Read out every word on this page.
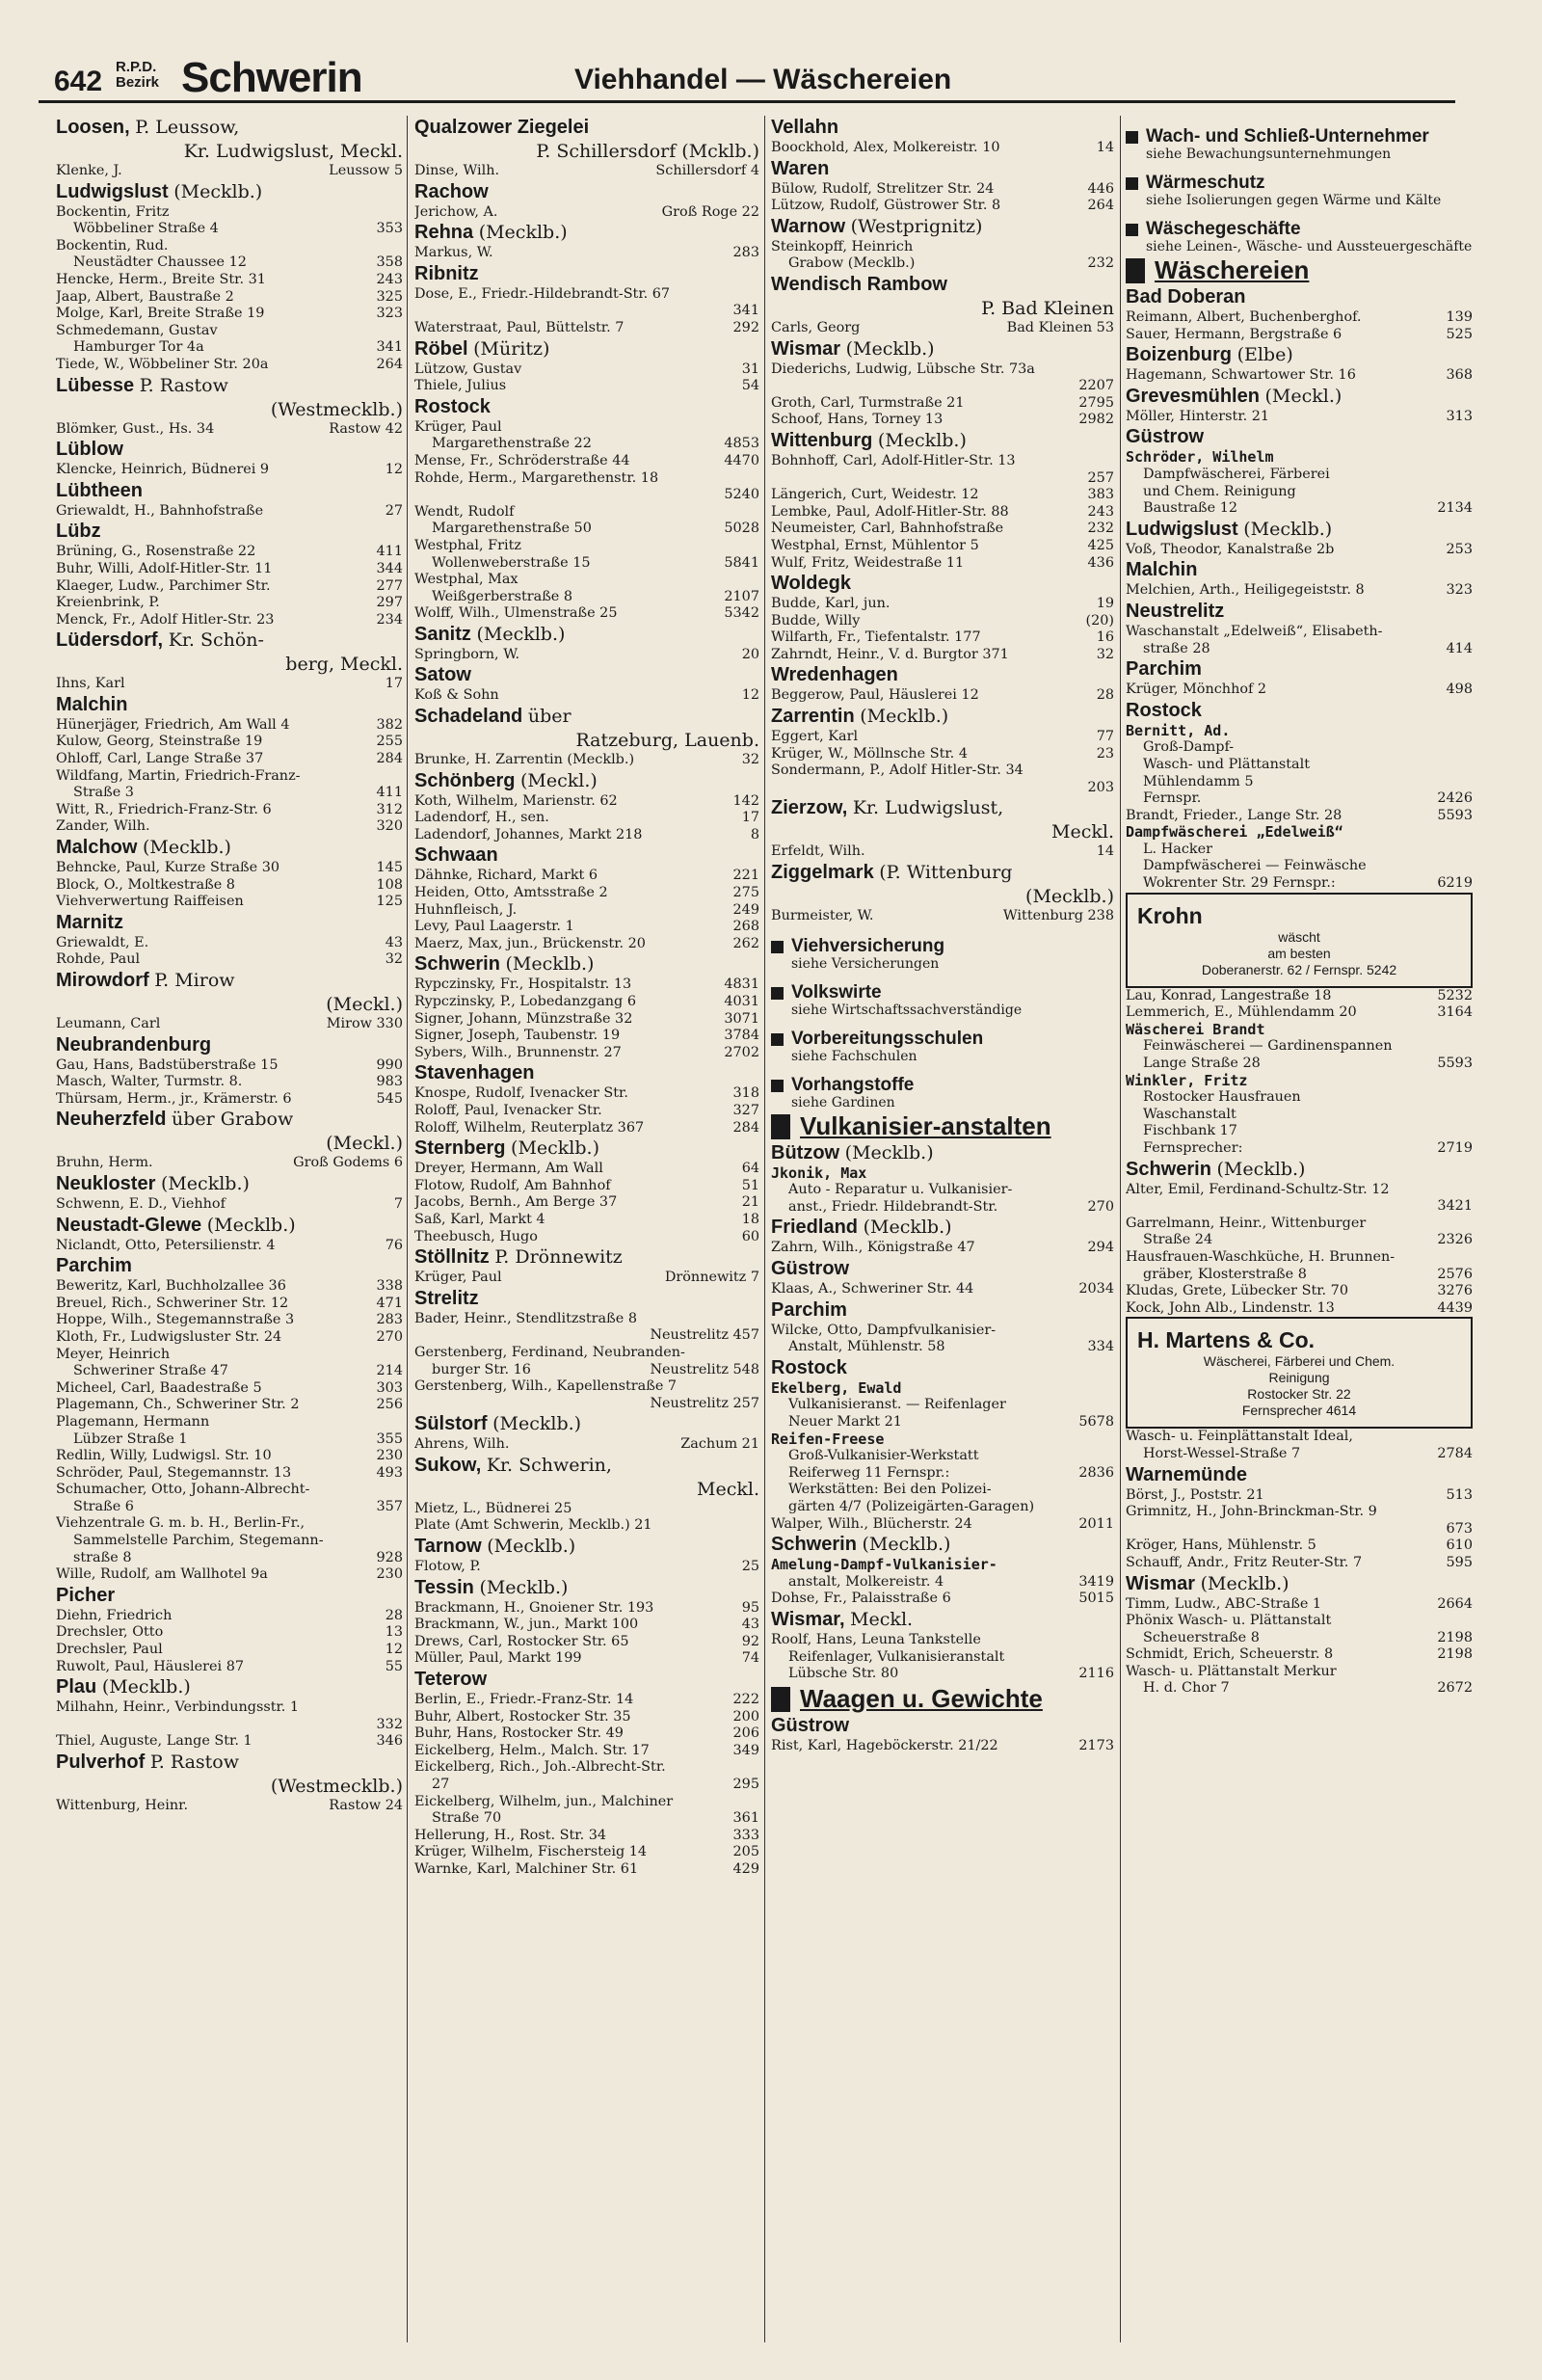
642 R.P.D.
Bezirk Schwerin	Viehhandel — Wäschereien
Loosen, P. Leussow,
Kr. Ludwigslust, Meckl.
Klenke, J.	Leussow 5
Ludwigslust (Mecklb.)
Bockentin, Fritz
Wöbbeliner Straße 4	353
Bockentin, Rud.
Neustädter Chaussee 12	358
Hencke, Herm., Breite Str. 31	243
Jaap, Albert, Baustraße 2	325
Molge, Karl, Breite Straße 19	323
Schmedemann, Gustav
Hamburger Tor 4a	341
Tiede, W., Wöbbeliner Str. 20a	264
Lübesse P. Rastow
(Westmecklb.)
Blömker, Gust., Hs. 34	Rastow 42
Lüblow
Klencke, Heinrich, Büdnerei 9	12
Lübtheen
Griewaldt, H., Bahnhofstraße	27
Lübz
Brüning, G., Rosenstraße 22	411
Buhr, Willi, Adolf-Hitler-Str. 11	344
Klaeger, Ludw., Parchimer Str.	277
Kreienbrink, P.	297
Menck, Fr., Adolf Hitler-Str. 23	234
Lüdersdorf, Kr. Schön-
berg, Meckl.
Ihns, Karl	17
Malchin
Hünerjäger, Friedrich, Am Wall 4	382
Kulow, Georg, Steinstraße 19	255
Ohloff, Carl, Lange Straße 37	284
Wildfang, Martin, Friedrich-Franz-
Straße 3	411
Witt, R., Friedrich-Franz-Str. 6	312
Zander, Wilh.	320
Malchow (Mecklb.)
Behncke, Paul, Kurze Straße 30	145
Block, O., Moltkestraße 8	108
Viehverwertung Raiffeisen	125
Marnitz
Griewaldt, E.	43
Rohde, Paul	32
Mirowdorf P. Mirow
(Meckl.)
Leumann, Carl	Mirow 330
Neubrandenburg
Gau, Hans, Badstüberstraße 15	990
Masch, Walter, Turmstr. 8.	983
Thürsam, Herm., jr., Krämerstr. 6	545
Neuherzfeld über Grabow
(Meckl.)
Bruhn, Herm.	Groß Godems 6
Neukloster (Mecklb.)
Schwenn, E. D., Viehhof	7
Neustadt-Glewe (Mecklb.)
Niclandt, Otto, Petersilienstr. 4	76
Parchim
Beweritz, Karl, Buchholzallee 36	338
Breuel, Rich., Schweriner Str. 12	471
Hoppe, Wilh., Stegemannstraße 3	283
Kloth, Fr., Ludwigsluster Str. 24	270
Meyer, Heinrich
Schweriner Straße 47	214
Micheel, Carl, Baadestraße 5	303
Plagemann, Ch., Schweriner Str. 2	256
Plagemann, Hermann
Lübzer Straße 1	355
Redlin, Willy, Ludwigsl. Str. 10	230
Schröder, Paul, Stegemannstr. 13	493
Schumacher, Otto, Johann-Albrecht-
Straße 6	357
Viehzentrale G. m. b. H., Berlin-Fr.,
Sammelstelle Parchim, Stegemann-
straße 8	928
Wille, Rudolf, am Wallhotel 9a	230
Picher
Diehn, Friedrich	28
Drechsler, Otto	13
Drechsler, Paul	12
Ruwolt, Paul, Häuslerei 87	55
Plau (Mecklb.)
Milhahn, Heinr., Verbindungsstr. 1
332
Thiel, Auguste, Lange Str. 1	346
Pulverhof P. Rastow
(Westmecklb.)
Wittenburg, Heinr.	Rastow 24
Qualzower Ziegelei
P. Schillersdorf (Mcklb.)
Dinse, Wilh.	Schillersdorf 4
Rachow
Jerichow, A.	Groß Roge 22
Rehna (Mecklb.)
Markus, W.	283
Ribnitz
Dose, E., Friedr.-Hildebrandt-Str. 67
341
Waterstraat, Paul, Büttelstr. 7	292
Röbel (Müritz)
Lützow, Gustav	31
Thiele, Julius	54
Rostock
Krüger, Paul
Margarethenstraße 22	4853
Mense, Fr., Schröderstraße 44	4470
Rohde, Herm., Margarethenstr. 18
5240
Wendt, Rudolf
Margarethenstraße 50	5028
Westphal, Fritz
Wollenweberstraße 15	5841
Westphal, Max
Weißgerberstraße 8	2107
Wolff, Wilh., Ulmenstraße 25	5342
Sanitz (Mecklb.)
Springborn, W.	20
Satow
Koß & Sohn	12
Schadeland über
Ratzeburg, Lauenb.
Brunke, H. Zarrentin (Mecklb.)	32
Schönberg (Meckl.)
Koth, Wilhelm, Marienstr. 62	142
Ladendorf, H., sen.	17
Ladendorf, Johannes, Markt 218	8
Schwaan
Dähnke, Richard, Markt 6	221
Heiden, Otto, Amtsstraße 2	275
Huhnfleisch, J.	249
Levy, Paul Laagerstr. 1	268
Maerz, Max, jun., Brückenstr. 20	262
Schwerin (Mecklb.)
Rypczinsky, Fr., Hospitalstr. 13	4831
Rypczinsky, P., Lobedanzgang 6	4031
Signer, Johann, Münzstraße 32	3071
Signer, Joseph, Taubenstr. 19	3784
Sybers, Wilh., Brunnenstr. 27	2702
Stavenhagen
Knospe, Rudolf, Ivenacker Str.	318
Roloff, Paul, Ivenacker Str.	327
Roloff, Wilhelm, Reuterplatz 367	284
Sternberg (Mecklb.)
Dreyer, Hermann, Am Wall	64
Flotow, Rudolf, Am Bahnhof	51
Jacobs, Bernh., Am Berge 37	21
Saß, Karl, Markt 4	18
Theebusch, Hugo	60
Stöllnitz P. Drönnewitz
Krüger, Paul	Drönnewitz 7
Strelitz
Bader, Heinr., Stendlitzstraße 8
Neustrelitz 457
Gerstenberg, Ferdinand, Neubranden-
burger Str. 16	Neustrelitz 548
Gerstenberg, Wilh., Kapellenstraße 7
Neustrelitz 257
Sülstorf (Mecklb.)
Ahrens, Wilh.	Zachum 21
Sukow, Kr. Schwerin,
Meckl.
Mietz, L., Büdnerei 25
Plate (Amt Schwerin, Mecklb.) 21
Tarnow (Mecklb.)
Flotow, P.	25
Tessin (Mecklb.)
Brackmann, H., Gnoiener Str. 193	95
Brackmann, W., jun., Markt 100	43
Drews, Carl, Rostocker Str. 65	92
Müller, Paul, Markt 199	74
Teterow
Berlin, E., Friedr.-Franz-Str. 14	222
Buhr, Albert, Rostocker Str. 35	200
Buhr, Hans, Rostocker Str. 49	206
Eickelberg, Helm., Malch. Str. 17	349
Eickelberg, Rich., Joh.-Albrecht-Str.
27	295
Eickelberg, Wilhelm, jun., Malchiner
Straße 70	361
Hellerung, H., Rost. Str. 34	333
Krüger, Wilhelm, Fischersteig 14	205
Warnke, Karl, Malchiner Str. 61	429
Vellahn
Boockhold, Alex, Molkereistr. 10	14
Waren
Bülow, Rudolf, Strelitzer Str. 24	446
Lützow, Rudolf, Güstrower Str. 8	264
Warnow (Westprignitz)
Steinkopff, Heinrich
Grabow (Mecklb.)	232
Wendisch Rambow
P. Bad Kleinen
Carls, Georg	Bad Kleinen 53
Wismar (Mecklb.)
Diederichs, Ludwig, Lübsche Str. 73a
2207
Groth, Carl, Turmstraße 21	2795
Schoof, Hans, Torney 13	2982
Wittenburg (Mecklb.)
Bohnhoff, Carl, Adolf-Hitler-Str. 13
257
Längerich, Curt, Weidestr. 12	383
Lembke, Paul, Adolf-Hitler-Str. 88	243
Neumeister, Carl, Bahnhofstraße	232
Westphal, Ernst, Mühlentor 5	425
Wulf, Fritz, Weidestraße 11	436
Woldegk
Budde, Karl, jun.	19
Budde, Willy	(20)
Wilfarth, Fr., Tiefentalstr. 177	16
Zahrndt, Heinr., V. d. Burgtor 371	32
Wredenhagen
Beggerow, Paul, Häuslerei 12	28
Zarrentin (Mecklb.)
Eggert, Karl	77
Krüger, W., Möllnsche Str. 4	23
Sondermann, P., Adolf Hitler-Str. 34
203
Zierzow, Kr. Ludwigslust,
Meckl.
Erfeldt, Wilh.	14
Ziggelmark (P. Wittenburg
(Mecklb.)
Burmeister, W.	Wittenburg 238
Viehversicherung
siehe Versicherungen
Volkswirte
siehe Wirtschaftssachverständige
Vorbereitungsschulen
siehe Fachschulen
Vorhangstoffe
siehe Gardinen
Vulkanisier-anstalten
Bützow (Mecklb.)
Jkonik, Max
Auto - Reparatur u. Vulkanisier-
anst., Friedr. Hildebrandt-Str.	270
Friedland (Mecklb.)
Zahrn, Wilh., Königstraße 47	294
Güstrow
Klaas, A., Schweriner Str. 44	2034
Parchim
Wilcke, Otto, Dampfvulkanisier-
Anstalt, Mühlenstr. 58	334
Rostock
Ekelberg, Ewald
Vulkanisieranst. — Reifenlager
Neuer Markt 21	5678
Reifen-Freese
Groß-Vulkanisier-Werkstatt
Reiferweg 11 Fernspr.:	2836
Werkstätten: Bei den Polizei-
gärten 4/7 (Polizeigärten-Garagen)
Walper, Wilh., Blücherstr. 24	2011
Schwerin (Mecklb.)
Amelung-Dampf-Vulkanisier-
anstalt, Molkereistr. 4	3419
Dohse, Fr., Palaisstraße 6	5015
Wismar, Meckl.
Roolf, Hans, Leuna Tankstelle
Reifenlager, Vulkanisieranstalt
Lübsche Str. 80	2116
Waagen u. Gewichte
Güstrow
Rist, Karl, Hageböckerstr. 21/22	2173
Wach- und Schließ-Unternehmer
siehe Bewachungsunternehmungen
Wärmeschutz
siehe Isolierungen gegen Wärme und Kälte
Wäschegeschäfte
siehe Leinen-, Wäsche- und Aussteuergeschäfte
Wäschereien
Bad Doberan
Reimann, Albert, Buchenberghof.	139
Sauer, Hermann, Bergstraße 6	525
Boizenburg (Elbe)
Hagemann, Schwartower Str. 16	368
Grevesmühlen (Meckl.)
Möller, Hinterstr. 21	313
Güstrow
Schröder, Wilhelm
Dampfwäscherei, Färberei
und Chem. Reinigung
Baustraße 12	2134
Ludwigslust (Mecklb.)
Voß, Theodor, Kanalstraße 2b	253
Malchin
Melchien, Arth., Heiligegeiststr. 8	323
Neustrelitz
Waschanstalt „Edelweiß“, Elisabeth-
straße 28	414
Parchim
Krüger, Mönchhof 2	498
Rostock
Bernitt, Ad.
Groß-Dampf-
Wasch- und Plättanstalt
Mühlendamm 5
Fernspr.	2426
Brandt, Frieder., Lange Str. 28	5593
Dampfwäscherei „Edelweiß“
L. Hacker
Dampfwäscherei — Feinwäsche
Wokrenter Str. 29 Fernspr.:	6219
Krohn
wäscht
am besten
Doberanerstr. 62 / Fernspr. 5242
Lau, Konrad, Langestraße 18	5232
Lemmerich, E., Mühlendamm 20	3164
Wäscherei Brandt
Feinwäscherei — Gardinenspannen
Lange Straße 28	5593
Winkler, Fritz
Rostocker Hausfrauen
Waschanstalt
Fischbank 17
Fernsprecher:	2719
Schwerin (Mecklb.)
Alter, Emil, Ferdinand-Schultz-Str. 12
3421
Garrelmann, Heinr., Wittenburger
Straße 24	2326
Hausfrauen-Waschküche, H. Brunnen-
gräber, Klosterstraße 8	2576
Kludas, Grete, Lübecker Str. 70	3276
Kock, John Alb., Lindenstr. 13	4439
H. Martens & Co.
Wäscherei, Färberei und Chem.
Reinigung
Rostocker Str. 22
Fernsprecher 4614
Wasch- u. Feinplättanstalt Ideal,
Horst-Wessel-Straße 7	2784
Warnemünde
Börst, J., Poststr. 21	513
Grimnitz, H., John-Brinckman-Str. 9
673
Kröger, Hans, Mühlenstr. 5	610
Schauff, Andr., Fritz Reuter-Str. 7	595
Wismar (Mecklb.)
Timm, Ludw., ABC-Straße 1	2664
Phönix Wasch- u. Plättanstalt
Scheuerstraße 8	2198
Schmidt, Erich, Scheuerstr. 8	2198
Wasch- u. Plättanstalt Merkur
H. d. Chor 7	2672
